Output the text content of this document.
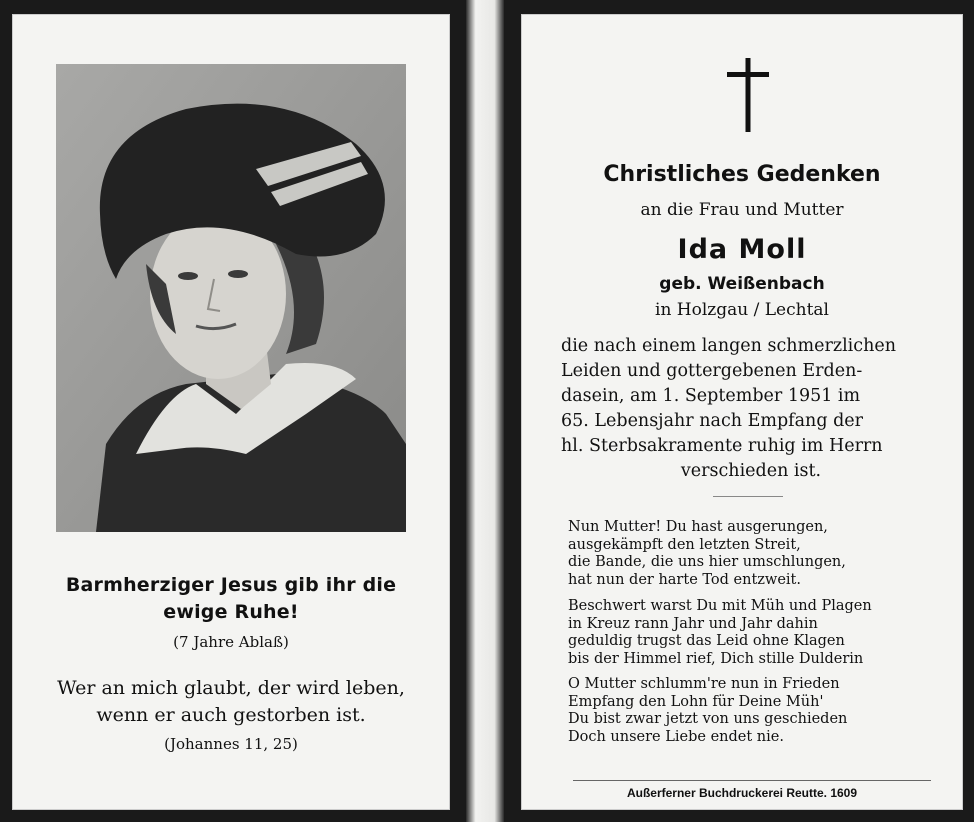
Barmherziger Jesus gib ihr die
ewige Ruhe!
(7 Jahre Ablaß)
Wer an mich glaubt, der wird leben,
wenn er auch gestorben ist.
(Johannes 11, 25)
Christliches Gedenken
an die Frau und Mutter
Ida Moll
geb. Weißenbach
in Holzgau / Lechtal
die nach einem langen schmerzlichen
Leiden und gottergebenen Erden-
dasein, am 1. September 1951 im
65. Lebensjahr nach Empfang der
hl. Sterbsakramente ruhig im Herrn
verschieden ist.
Nun Mutter! Du hast ausgerungen,
ausgekämpft den letzten Streit,
die Bande, die uns hier umschlungen,
hat nun der harte Tod entzweit.
Beschwert warst Du mit Müh und Plagen
in Kreuz rann Jahr und Jahr dahin
geduldig trugst das Leid ohne Klagen
bis der Himmel rief, Dich stille Dulderin
O Mutter schlumm're nun in Frieden
Empfang den Lohn für Deine Müh'
Du bist zwar jetzt von uns geschieden
Doch unsere Liebe endet nie.
Außerferner Buchdruckerei Reutte. 1609
